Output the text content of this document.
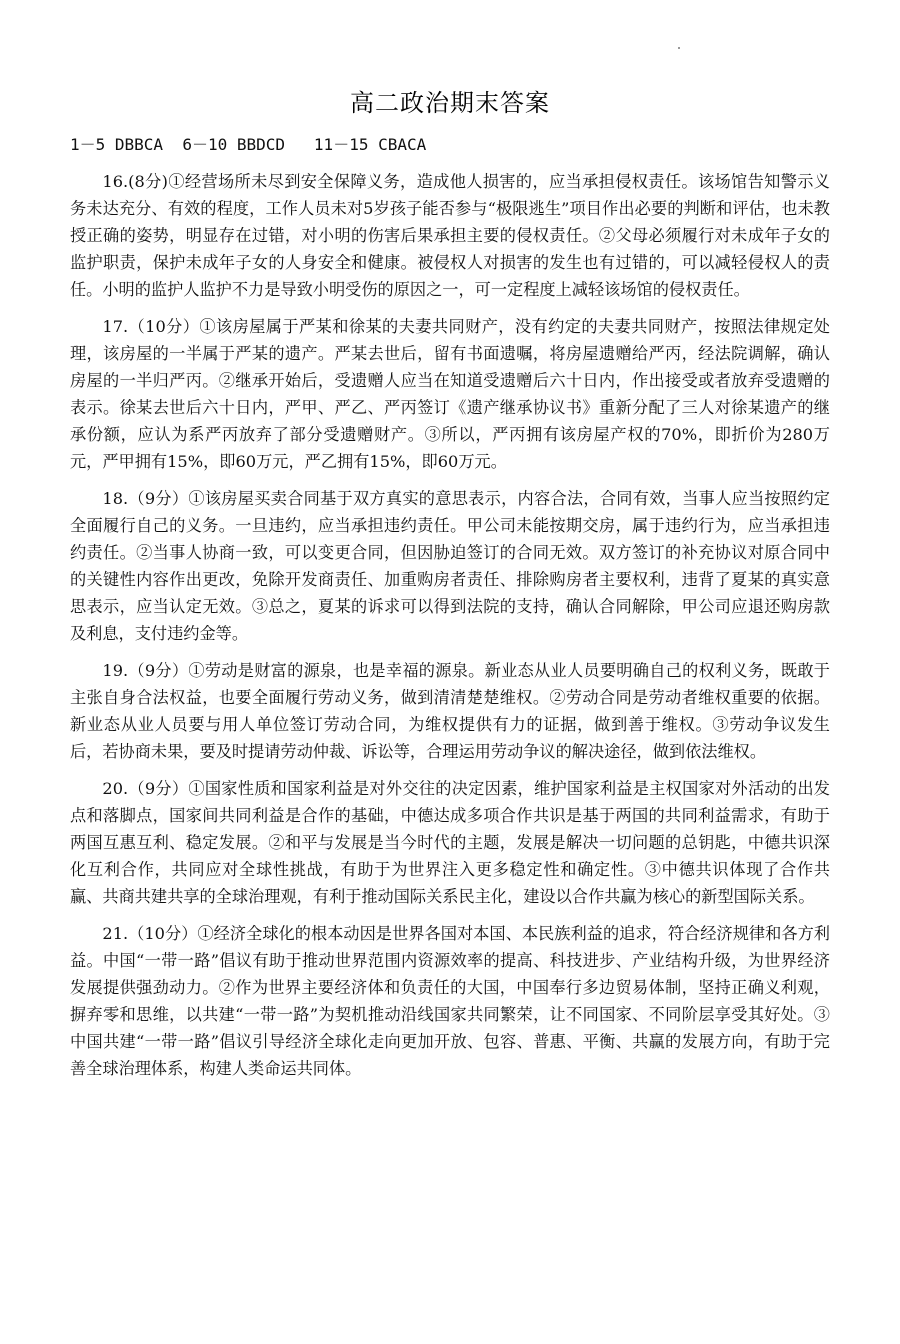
高二政治期末答案
1－5 DBBCA  6－10 BBDCD   11－15 CBACA

16.(8分)①经营场所未尽到安全保障义务，造成他人损害的，应当承担侵权责任。该场馆告知警示义务未达充分、有效的程度，工作人员未对5岁孩子能否参与“极限逃生”项目作出必要的判断和评估，也未教授正确的姿势，明显存在过错，对小明的伤害后果承担主要的侵权责任。②父母必须履行对未成年子女的监护职责，保护未成年子女的人身安全和健康。被侵权人对损害的发生也有过错的，可以减轻侵权人的责任。小明的监护人监护不力是导致小明受伤的原因之一，可一定程度上减轻该场馆的侵权责任。

17.（10分）①该房屋属于严某和徐某的夫妻共同财产，没有约定的夫妻共同财产，按照法律规定处理，该房屋的一半属于严某的遗产。严某去世后，留有书面遗嘱，将房屋遗赠给严丙，经法院调解，确认房屋的一半归严丙。②继承开始后，受遗赠人应当在知道受遗赠后六十日内，作出接受或者放弃受遗赠的表示。徐某去世后六十日内，严甲、严乙、严丙签订《遗产继承协议书》重新分配了三人对徐某遗产的继承份额，应认为系严丙放弃了部分受遗赠财产。③所以，严丙拥有该房屋产权的70%，即折价为280万元，严甲拥有15%，即60万元，严乙拥有15%，即60万元。

18.（9分）①该房屋买卖合同基于双方真实的意思表示，内容合法，合同有效，当事人应当按照约定全面履行自己的义务。一旦违约，应当承担违约责任。甲公司未能按期交房，属于违约行为，应当承担违约责任。②当事人协商一致，可以变更合同，但因胁迫签订的合同无效。双方签订的补充协议对原合同中的关键性内容作出更改，免除开发商责任、加重购房者责任、排除购房者主要权利，违背了夏某的真实意思表示，应当认定无效。③总之，夏某的诉求可以得到法院的支持，确认合同解除，甲公司应退还购房款及利息，支付违约金等。

19.（9分）①劳动是财富的源泉，也是幸福的源泉。新业态从业人员要明确自己的权利义务，既敢于主张自身合法权益，也要全面履行劳动义务，做到清清楚楚维权。②劳动合同是劳动者维权重要的依据。新业态从业人员要与用人单位签订劳动合同，为维权提供有力的证据，做到善于维权。③劳动争议发生后，若协商未果，要及时提请劳动仲裁、诉讼等，合理运用劳动争议的解决途径，做到依法维权。

20.（9分）①国家性质和国家利益是对外交往的决定因素，维护国家利益是主权国家对外活动的出发点和落脚点，国家间共同利益是合作的基础，中德达成多项合作共识是基于两国的共同利益需求，有助于两国互惠互利、稳定发展。②和平与发展是当今时代的主题，发展是解决一切问题的总钥匙，中德共识深化互利合作，共同应对全球性挑战，有助于为世界注入更多稳定性和确定性。③中德共识体现了合作共赢、共商共建共享的全球治理观，有利于推动国际关系民主化，建设以合作共赢为核心的新型国际关系。

21.（10分）①经济全球化的根本动因是世界各国对本国、本民族利益的追求，符合经济规律和各方利益。中国“一带一路”倡议有助于推动世界范围内资源效率的提高、科技进步、产业结构升级，为世界经济发展提供强劲动力。②作为世界主要经济体和负责任的大国，中国奉行多边贸易体制，坚持正确义利观，摒弃零和思维，以共建“一带一路”为契机推动沿线国家共同繁荣，让不同国家、不同阶层享受其好处。③中国共建“一带一路”倡议引导经济全球化走向更加开放、包容、普惠、平衡、共赢的发展方向，有助于完善全球治理体系，构建人类命运共同体。
